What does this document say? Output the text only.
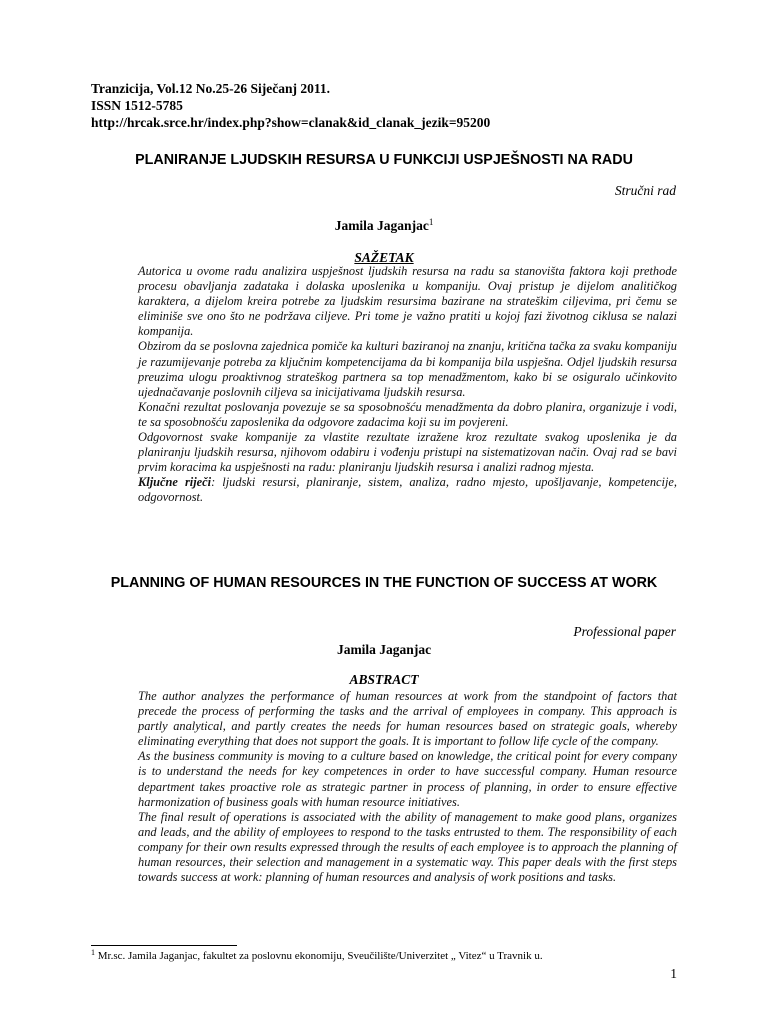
Tranzicija, Vol.12 No.25-26 Siječanj 2011.
ISSN 1512-5785
http://hrcak.srce.hr/index.php?show=clanak&id_clanak_jezik=95200
PLANIRANJE LJUDSKIH RESURSA U FUNKCIJI USPJEŠNOSTI NA RADU
Stručni rad
Jamila Jaganjac$^1$
SAŽETAK

Autorica u ovome radu analizira uspješnost ljudskih resursa na radu sa stanovišta faktora koji prethode procesu obavljanja zadataka i dolaska uposlenika u kompaniju. Ovaj pristup je dijelom analitičkog karaktera, a dijelom kreira potrebe za ljudskim resursima bazirane na strateškim ciljevima, pri čemu se eliminiše sve ono što ne podržava ciljeve. Pri tome je važno pratiti u kojoj fazi životnog ciklusa se nalazi kompanija.

Obzirom da se poslovna zajednica pomiče ka kulturi baziranoj na znanju, kritična tačka za svaku kompaniju je razumijevanje potreba za ključnim kompetencijama da bi kompanija bila uspješna. Odjel ljudskih resursa preuzima ulogu proaktivnog strateškog partnera sa top menadžmentom, kako bi se osiguralo učinkovito ujednačavanje poslovnih ciljeva sa inicijativama ljudskih resursa.

Konačni rezultat poslovanja povezuje se sa sposobnošću menadžmenta da dobro planira, organizuje i vodi, te sa sposobnošću zaposlenika da odgovore zadacima koji su im povjereni.

Odgovornost svake kompanije za vlastite rezultate izražene kroz rezultate svakog uposlenika je da planiranju ljudskih resursa, njihovom odabiru i vođenju pristupi na sistematizovan način. Ovaj rad se bavi prvim koracima ka uspješnosti na radu: planiranju ljudskih resursa i analizi radnog mjesta.

Ključne riječi: ljudski resursi, planiranje, sistem, analiza, radno mjesto, upošljavanje, kompetencije, odgovornost.

PLANNING OF HUMAN RESOURCES IN THE FUNCTION OF SUCCESS AT WORK
Professional paper
Jamila Jaganjac
ABSTRACT

The author analyzes the performance of human resources at work from the standpoint of factors that precede the process of performing the tasks and the arrival of employees in company. This approach is partly analytical, and partly creates the needs for human resources based on strategic goals, whereby eliminating everything that does not support the goals. It is important to follow life cycle of the company.

As the business community is moving to a culture based on knowledge, the critical point for every company is to understand the needs for key competences in order to have successful company. Human resource department takes proactive role as strategic partner in process of planning, in order to ensure effective harmonization of business goals with human resource initiatives.

The final result of operations is associated with the ability of management to make good plans, organizes and leads, and the ability of employees to respond to the tasks entrusted to them. The responsibility of each company for their own results expressed through the results of each employee is to approach the planning of human resources, their selection and management in a systematic way. This paper deals with the first steps towards success at work: planning of human resources and analysis of work positions and tasks.

$^1$ Mr.sc. Jamila Jaganjac, fakultet za poslovnu ekonomiju, Sveučilište/Univerzitet „ Vitez“ u Travnik u.
1
